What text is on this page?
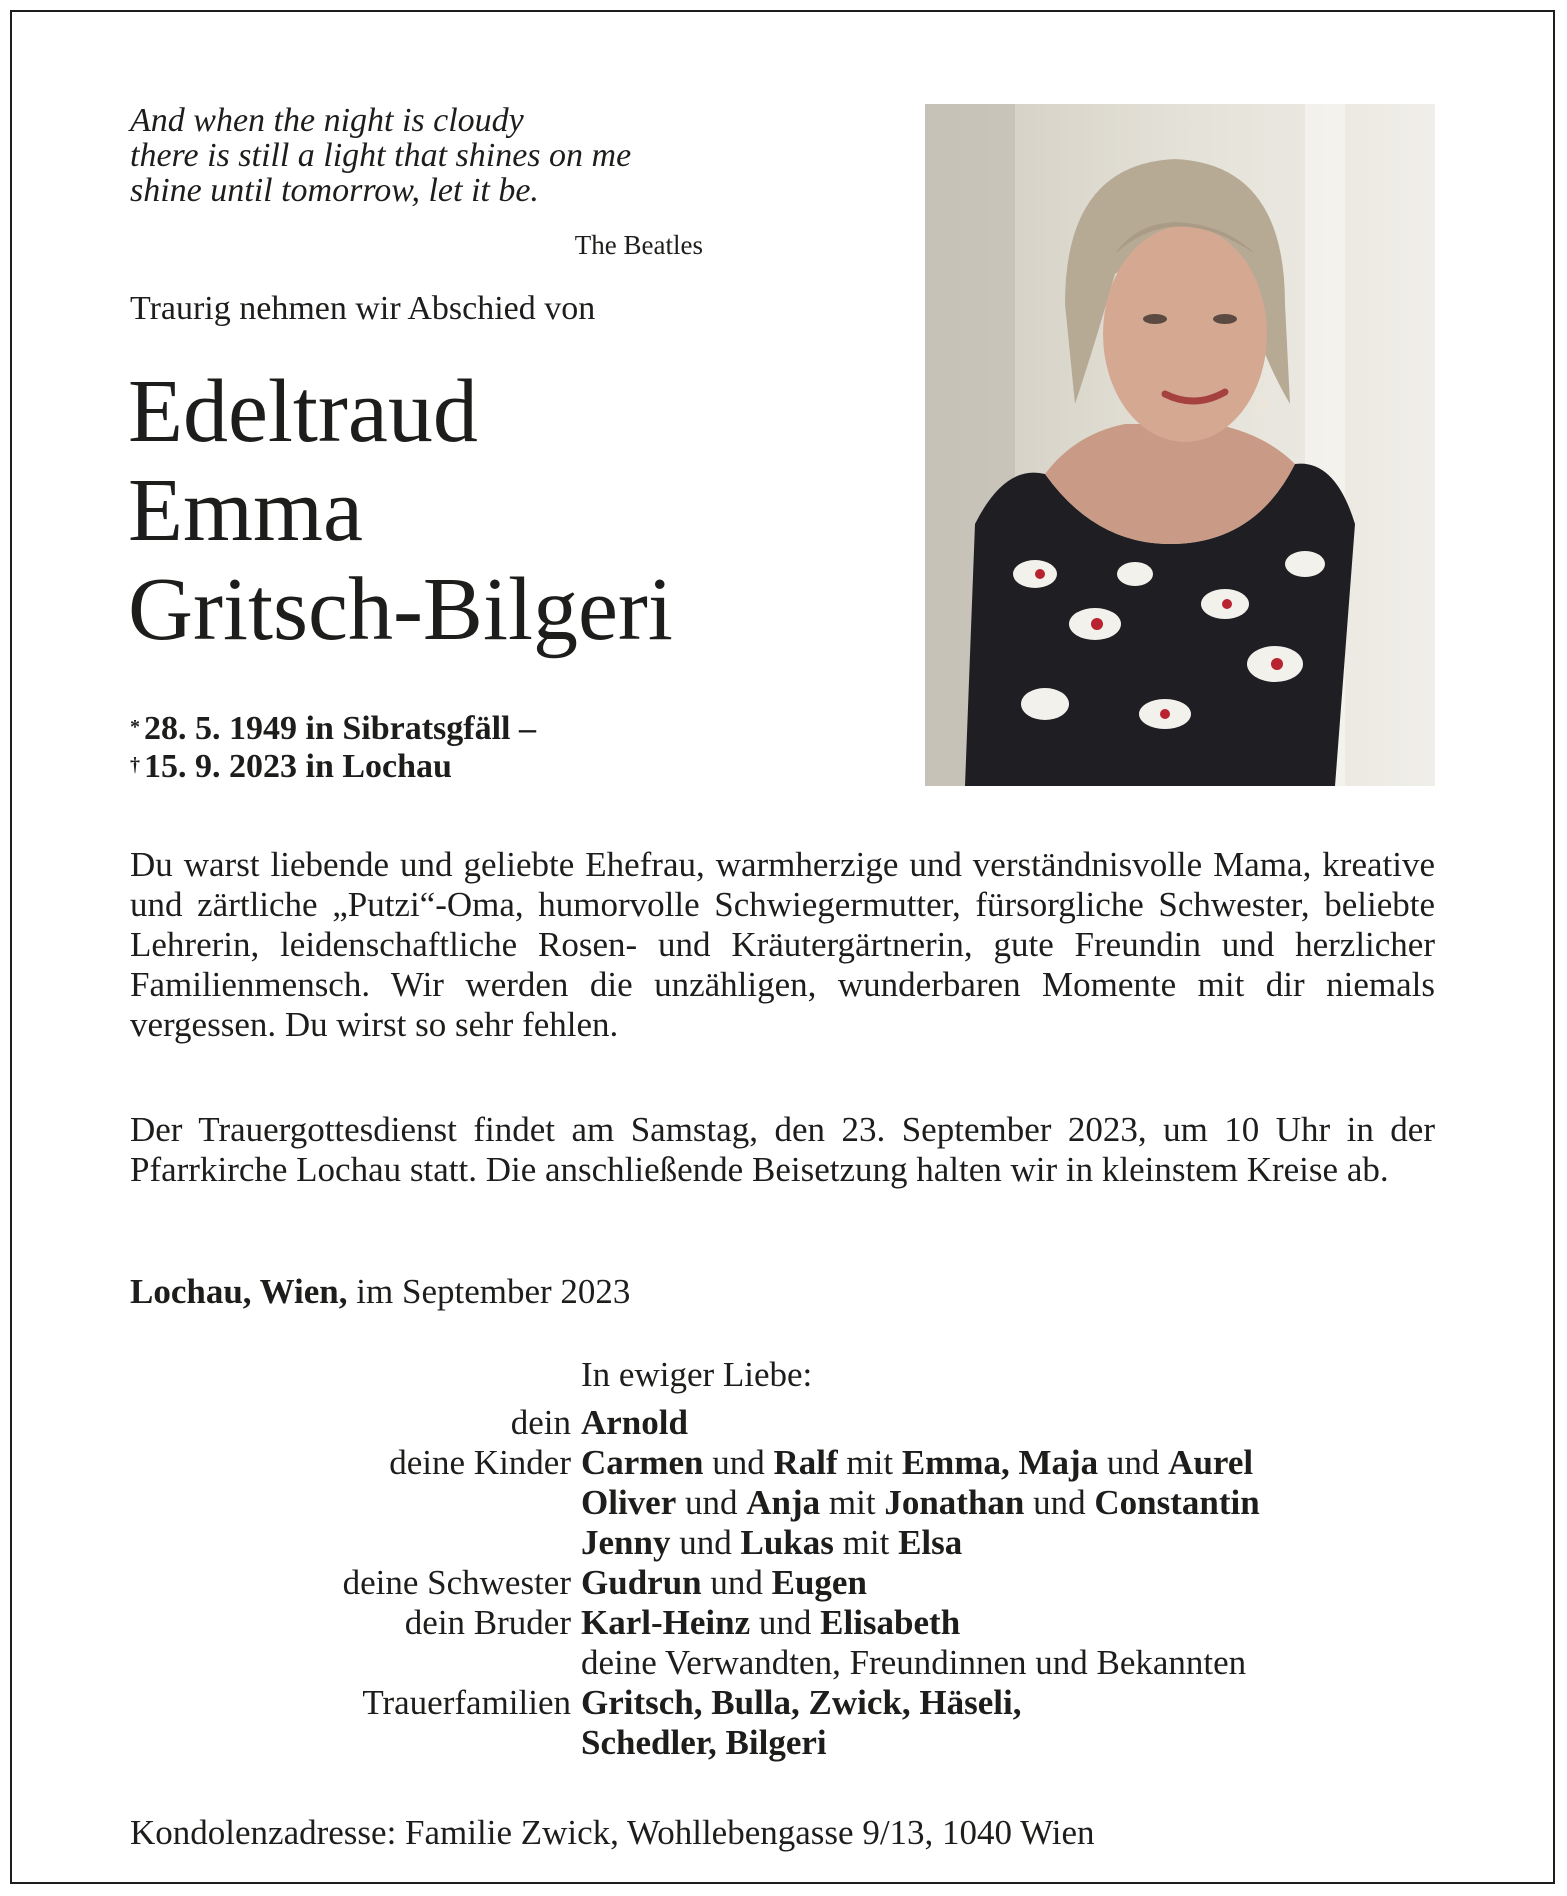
And when the night is cloudy
there is still a light that shines on me
shine until tomorrow, let it be.
The Beatles
Traurig nehmen wir Abschied von
Edeltraud
Emma
Gritsch-Bilgeri
* 28. 5. 1949 in Sibratsgfäll –
† 15. 9. 2023 in Lochau
Du warst liebende und geliebte Ehefrau, warmherzige und verständnisvolle Mama, kreative und zärtliche „Putzi“-Oma, humorvolle Schwiegermutter, fürsorgliche Schwester, beliebte Lehrerin, leidenschaftliche Rosen- und Kräutergärtnerin, gute Freundin und herzlicher Familienmensch. Wir werden die unzähligen, wunderbaren Momente mit dir niemals vergessen. Du wirst so sehr fehlen.
Der Trauergottesdienst findet am Samstag, den 23. September 2023, um 10 Uhr in der Pfarrkirche Lochau statt. Die anschließende Beisetzung halten wir in kleinstem Kreise ab.
Lochau, Wien, im September 2023
In ewiger Liebe:
dein Arnold
deine Kinder Carmen und Ralf mit Emma, Maja und Aurel
Oliver und Anja mit Jonathan und Constantin
Jenny und Lukas mit Elsa
deine Schwester Gudrun und Eugen
dein Bruder Karl-Heinz und Elisabeth
deine Verwandten, Freundinnen und Bekannten
Trauerfamilien Gritsch, Bulla, Zwick, Häseli,
Schedler, Bilgeri
Kondolenzadresse: Familie Zwick, Wohllebengasse 9/13, 1040 Wien
